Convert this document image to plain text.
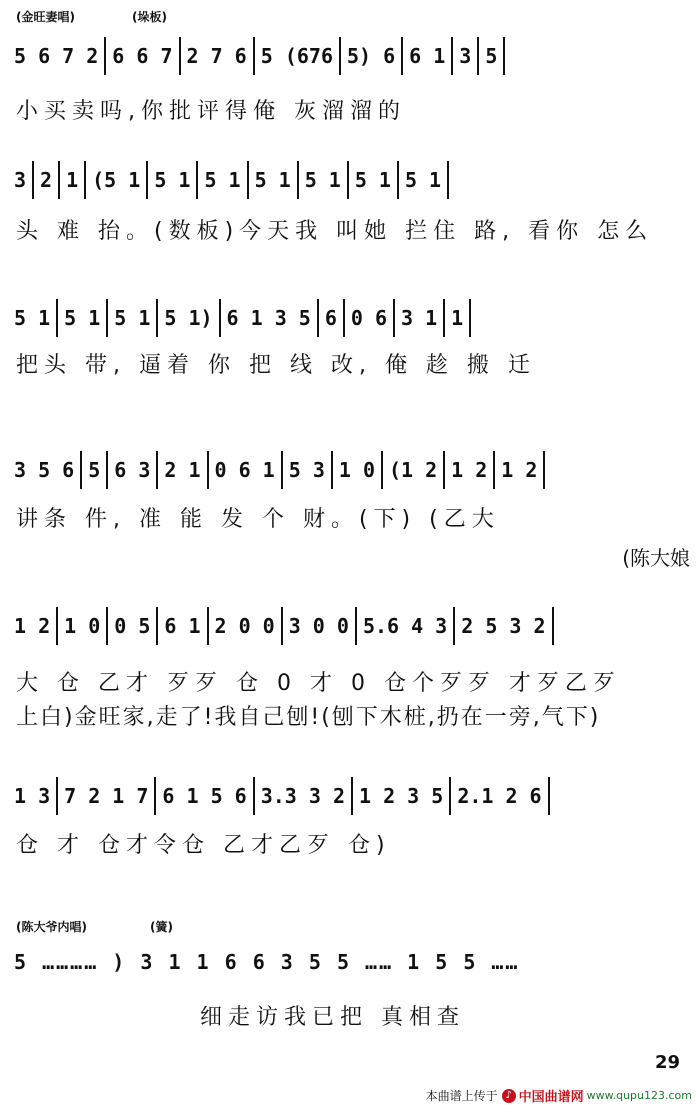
(金旺妻唱)	(垛板)
5 6 7 2 6 6 7 2 7 6 5 (676 5) 6 6 1 3 5
小买卖吗,你批评得俺 灰溜溜的
3 2 1 (5 1 5 1 5 1 5 1 5 1 5 1 5 1
头 难 抬。(数板)今天我 叫她 拦住 路, 看你 怎么
5 1 5 1 5 1 5 1) 6 1 3 5 6 0 6 3 1 1
把头 带, 逼着 你 把 线 改, 俺 趁 搬 迁
3 5 6 5 6 3 2 1 0 6 1 5 3 1 0 (1 2 1 2 1 2
讲条 件, 准 能 发 个 财。(下) (乙大
(陈大娘
1 2 1 0 0 5 6 1 2 0 0 3 0 0 5.6 4 3 2 5 3 2
大 仓 乙才 歹歹 仓 0 才 0 仓个歹歹 才歹乙歹
上白)金旺家,走了!我自己刨!(刨下木桩,扔在一旁,气下)
1 3 7 2 1 7 6 1 5 6 3.3 3 2 1 2 3 5 2.1 2 6
仓 才 仓才令仓 乙才乙歹 仓)
(陈大爷内唱)	(簧)
5 ………… ) 3 1 1 6 6 3 5 5 …… 1 5 5 ……
细走访我已把 真相查
29
本曲谱上传于 ♪ 中国曲谱网 www.qupu123.com
